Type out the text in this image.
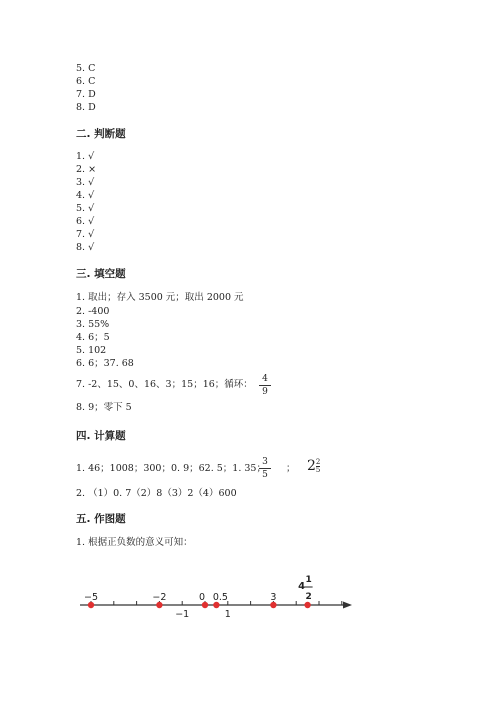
5. C
6. C
7. D
8. D
二. 判断题
1. √
2. ×
3. √
4. √
5. √
6. √
7. √
8. √
三. 填空题
1. 取出；存入 3500 元；取出 2000 元
2. -400
3. 55%
4. 6；5
5. 102
6. 6；37. 68
7. -2、15、0、16、3；15；16；循环：	4
9
8. 9；零下 5
四. 计算题
1. 46；1008；300；0. 9；62. 5；1. 35；
3
5
； $2\frac{2}{5}$
2. （1）0. 7（2）8（3）2（4）600
五. 作图题
1. 根据正负数的意义可知：
−5	−2
−1
0 0.5
1
3
4
1
2
